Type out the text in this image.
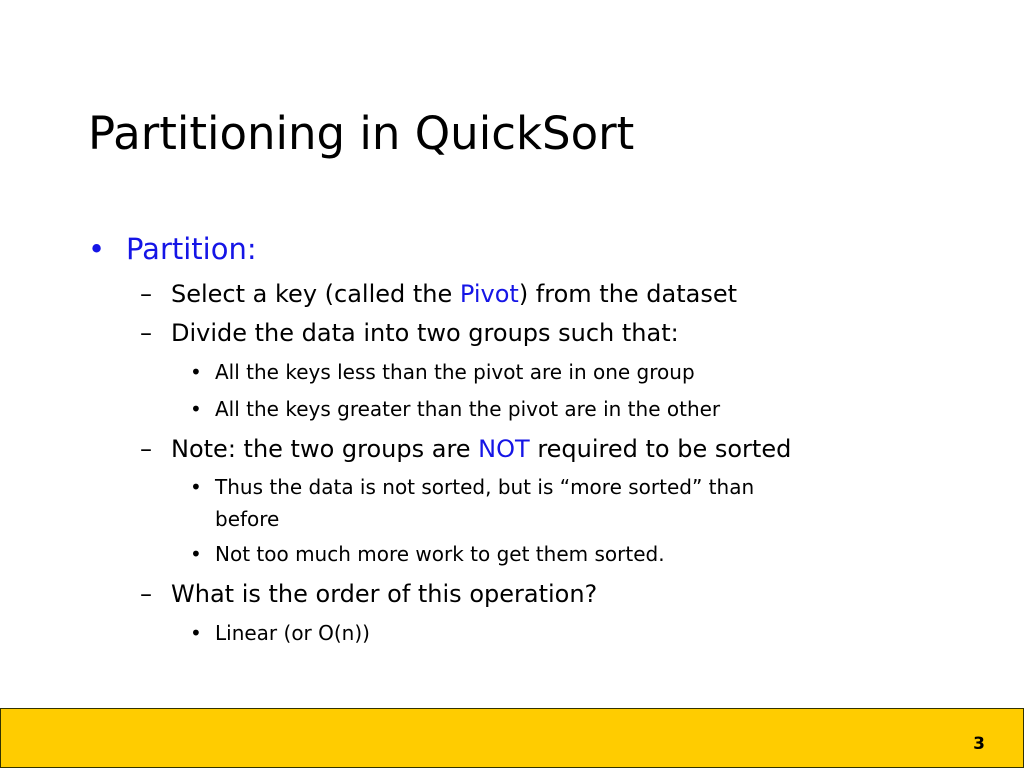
Partitioning in QuickSort
• Partition:
– Select a key (called the Pivot) from the dataset
– Divide the data into two groups such that:
• All the keys less than the pivot are in one group
• All the keys greater than the pivot are in the other
– Note: the two groups are NOT required to be sorted
• Thus the data is not sorted, but is “more sorted” than
before
• Not too much more work to get them sorted.
– What is the order of this operation?
• Linear (or O(n))
3
